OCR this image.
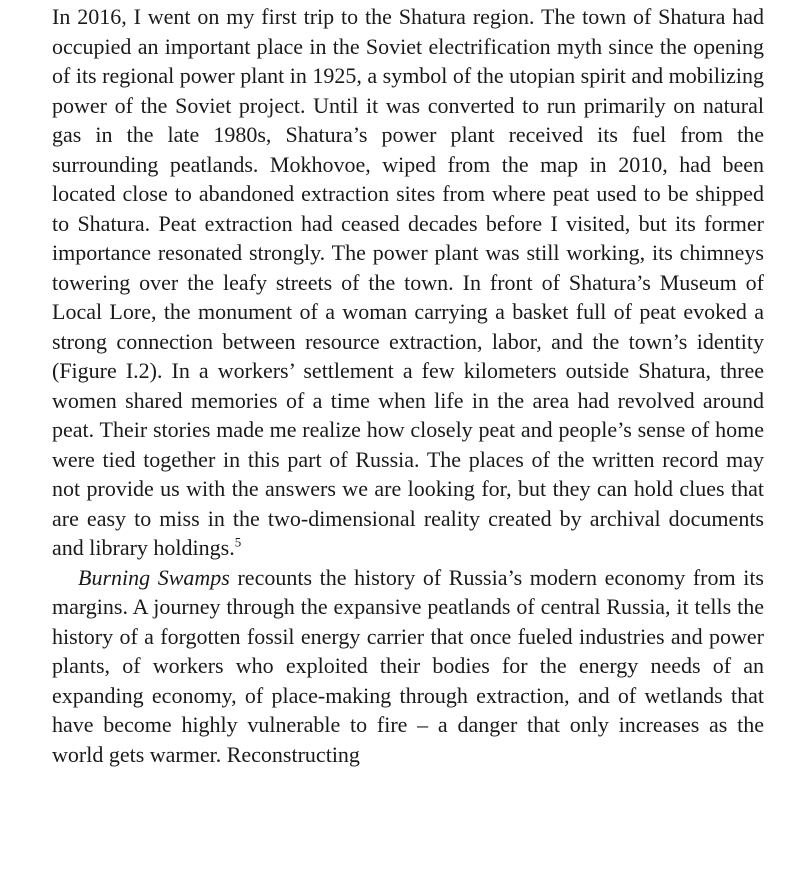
In 2016, I went on my first trip to the Shatura region. The town of Shatura had occupied an important place in the Soviet electrification myth since the opening of its regional power plant in 1925, a symbol of the utopian spirit and mobilizing power of the Soviet project. Until it was converted to run primarily on natural gas in the late 1980s, Shatura’s power plant received its fuel from the surrounding peatlands. Mokhovoe, wiped from the map in 2010, had been located close to abandoned extraction sites from where peat used to be shipped to Shatura. Peat extraction had ceased decades before I visited, but its former importance resonated strongly. The power plant was still working, its chimneys towering over the leafy streets of the town. In front of Shatura’s Museum of Local Lore, the monument of a woman carrying a basket full of peat evoked a strong connection between resource extraction, labor, and the town’s identity (Figure I.2). In a workers’ settlement a few kilometers outside Shatura, three women shared memories of a time when life in the area had revolved around peat. Their stories made me realize how closely peat and people’s sense of home were tied together in this part of Russia. The places of the written record may not provide us with the answers we are looking for, but they can hold clues that are easy to miss in the two-dimensional reality created by archival documents and library holdings.$^5$

Burning Swamps recounts the history of Russia’s modern economy from its margins. A journey through the expansive peatlands of central Russia, it tells the history of a forgotten fossil energy carrier that once fueled industries and power plants, of workers who exploited their bodies for the energy needs of an expanding economy, of place-making through extraction, and of wetlands that have become highly vulnerable to fire – a danger that only increases as the world gets warmer. Reconstructing
